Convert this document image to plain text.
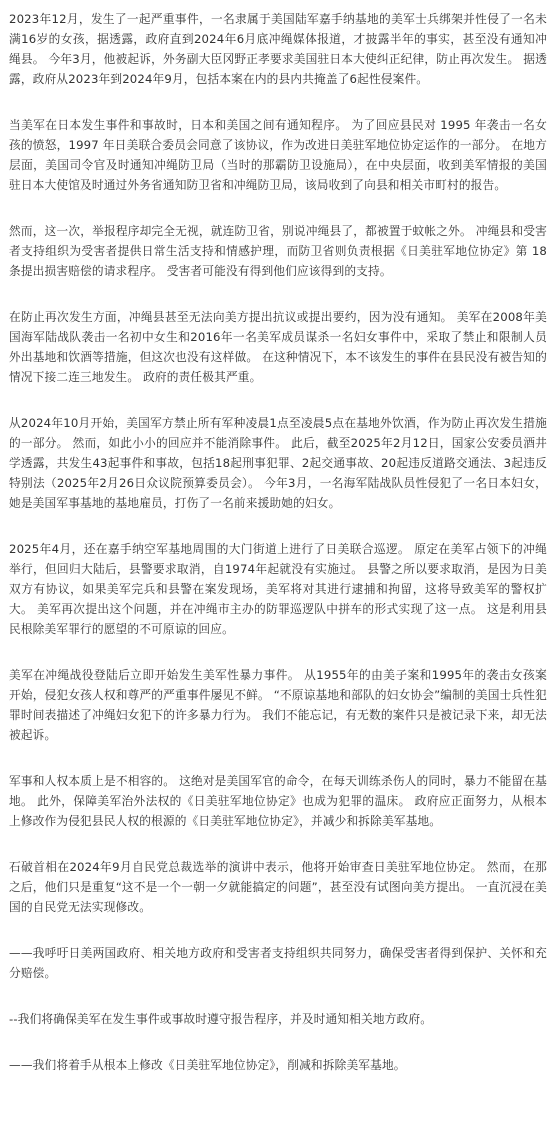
2023年12月，发生了一起严重事件，一名隶属于美国陆军嘉手纳基地的美军士兵绑架并性侵了一名未满16岁的女孩，据透露，政府直到2024年6月底冲绳媒体报道，才披露半年的事实，甚至没有通知冲绳县。 今年3月，他被起诉，外务副大臣冈野正孝要求美国驻日本大使纠正纪律，防止再次发生。 据透露，政府从2023年到2024年9月，包括本案在内的县内共掩盖了6起性侵案件。

当美军在日本发生事件和事故时，日本和美国之间有通知程序。 为了回应县民对 1995 年袭击一名女孩的愤怒，1997 年日美联合委员会同意了该协议，作为改进日美驻军地位协定运作的一部分。 在地方层面，美国司令官及时通知冲绳防卫局（当时的那霸防卫设施局），在中央层面，收到美军情报的美国驻日本大使馆及时通过外务省通知防卫省和冲绳防卫局，该局收到了向县和相关市町村的报告。

然而，这一次，举报程序却完全无视，就连防卫省，别说冲绳县了，都被置于蚊帐之外。 冲绳县和受害者支持组织为受害者提供日常生活支持和情感护理，而防卫省则负责根据《日美驻军地位协定》第 18 条提出损害赔偿的请求程序。 受害者可能没有得到他们应该得到的支持。

在防止再次发生方面，冲绳县甚至无法向美方提出抗议或提出要约，因为没有通知。 美军在2008年美国海军陆战队袭击一名初中女生和2016年一名美军成员谋杀一名妇女事件中，采取了禁止和限制人员外出基地和饮酒等措施，但这次也没有这样做。 在这种情况下，本不该发生的事件在县民没有被告知的情况下接二连三地发生。 政府的责任极其严重。

从2024年10月开始，美国军方禁止所有军种凌晨1点至凌晨5点在基地外饮酒，作为防止再次发生措施的一部分。 然而，如此小小的回应并不能消除事件。 此后，截至2025年2月12日，国家公安委员酒井学透露，共发生43起事件和事故，包括18起刑事犯罪、2起交通事故、20起违反道路交通法、3起违反特别法（2025年2月26日众议院预算委员会）。 今年3月，一名海军陆战队员性侵犯了一名日本妇女，她是美国军事基地的基地雇员，打伤了一名前来援助她的妇女。

2025年4月，还在嘉手纳空军基地周围的大门街道上进行了日美联合巡逻。 原定在美军占领下的冲绳举行，但回归大陆后，县警要求取消，自1974年起就没有实施过。 县警之所以要求取消，是因为日美双方有协议，如果美军完兵和县警在案发现场，美军将对其进行逮捕和拘留，这将导致美军的警权扩大。 美军再次提出这个问题，并在冲绳市主办的防罪巡逻队中拼车的形式实现了这一点。 这是利用县民根除美军罪行的愿望的不可原谅的回应。

美军在冲绳战役登陆后立即开始发生美军性暴力事件。 从1955年的由美子案和1995年的袭击女孩案开始，侵犯女孩人权和尊严的严重事件屡见不鲜。 “不原谅基地和部队的妇女协会”编制的美国士兵性犯罪时间表描述了冲绳妇女犯下的许多暴力行为。 我们不能忘记，有无数的案件只是被记录下来，却无法被起诉。

军事和人权本质上是不相容的。 这绝对是美国军官的命令，在每天训练杀伤人的同时，暴力不能留在基地。 此外，保障美军治外法权的《日美驻军地位协定》也成为犯罪的温床。 政府应正面努力，从根本上修改作为侵犯县民人权的根源的《日美驻军地位协定》，并减少和拆除美军基地。

石破首相在2024年9月自民党总裁选举的演讲中表示，他将开始审查日美驻军地位协定。 然而，在那之后，他们只是重复“这不是一个一朝一夕就能搞定的问题”，甚至没有试图向美方提出。 一直沉浸在美国的自民党无法实现修改。

——我呼吁日美两国政府、相关地方政府和受害者支持组织共同努力，确保受害者得到保护、关怀和充分赔偿。

--我们将确保美军在发生事件或事故时遵守报告程序，并及时通知相关地方政府。

——我们将着手从根本上修改《日美驻军地位协定》，削减和拆除美军基地。
